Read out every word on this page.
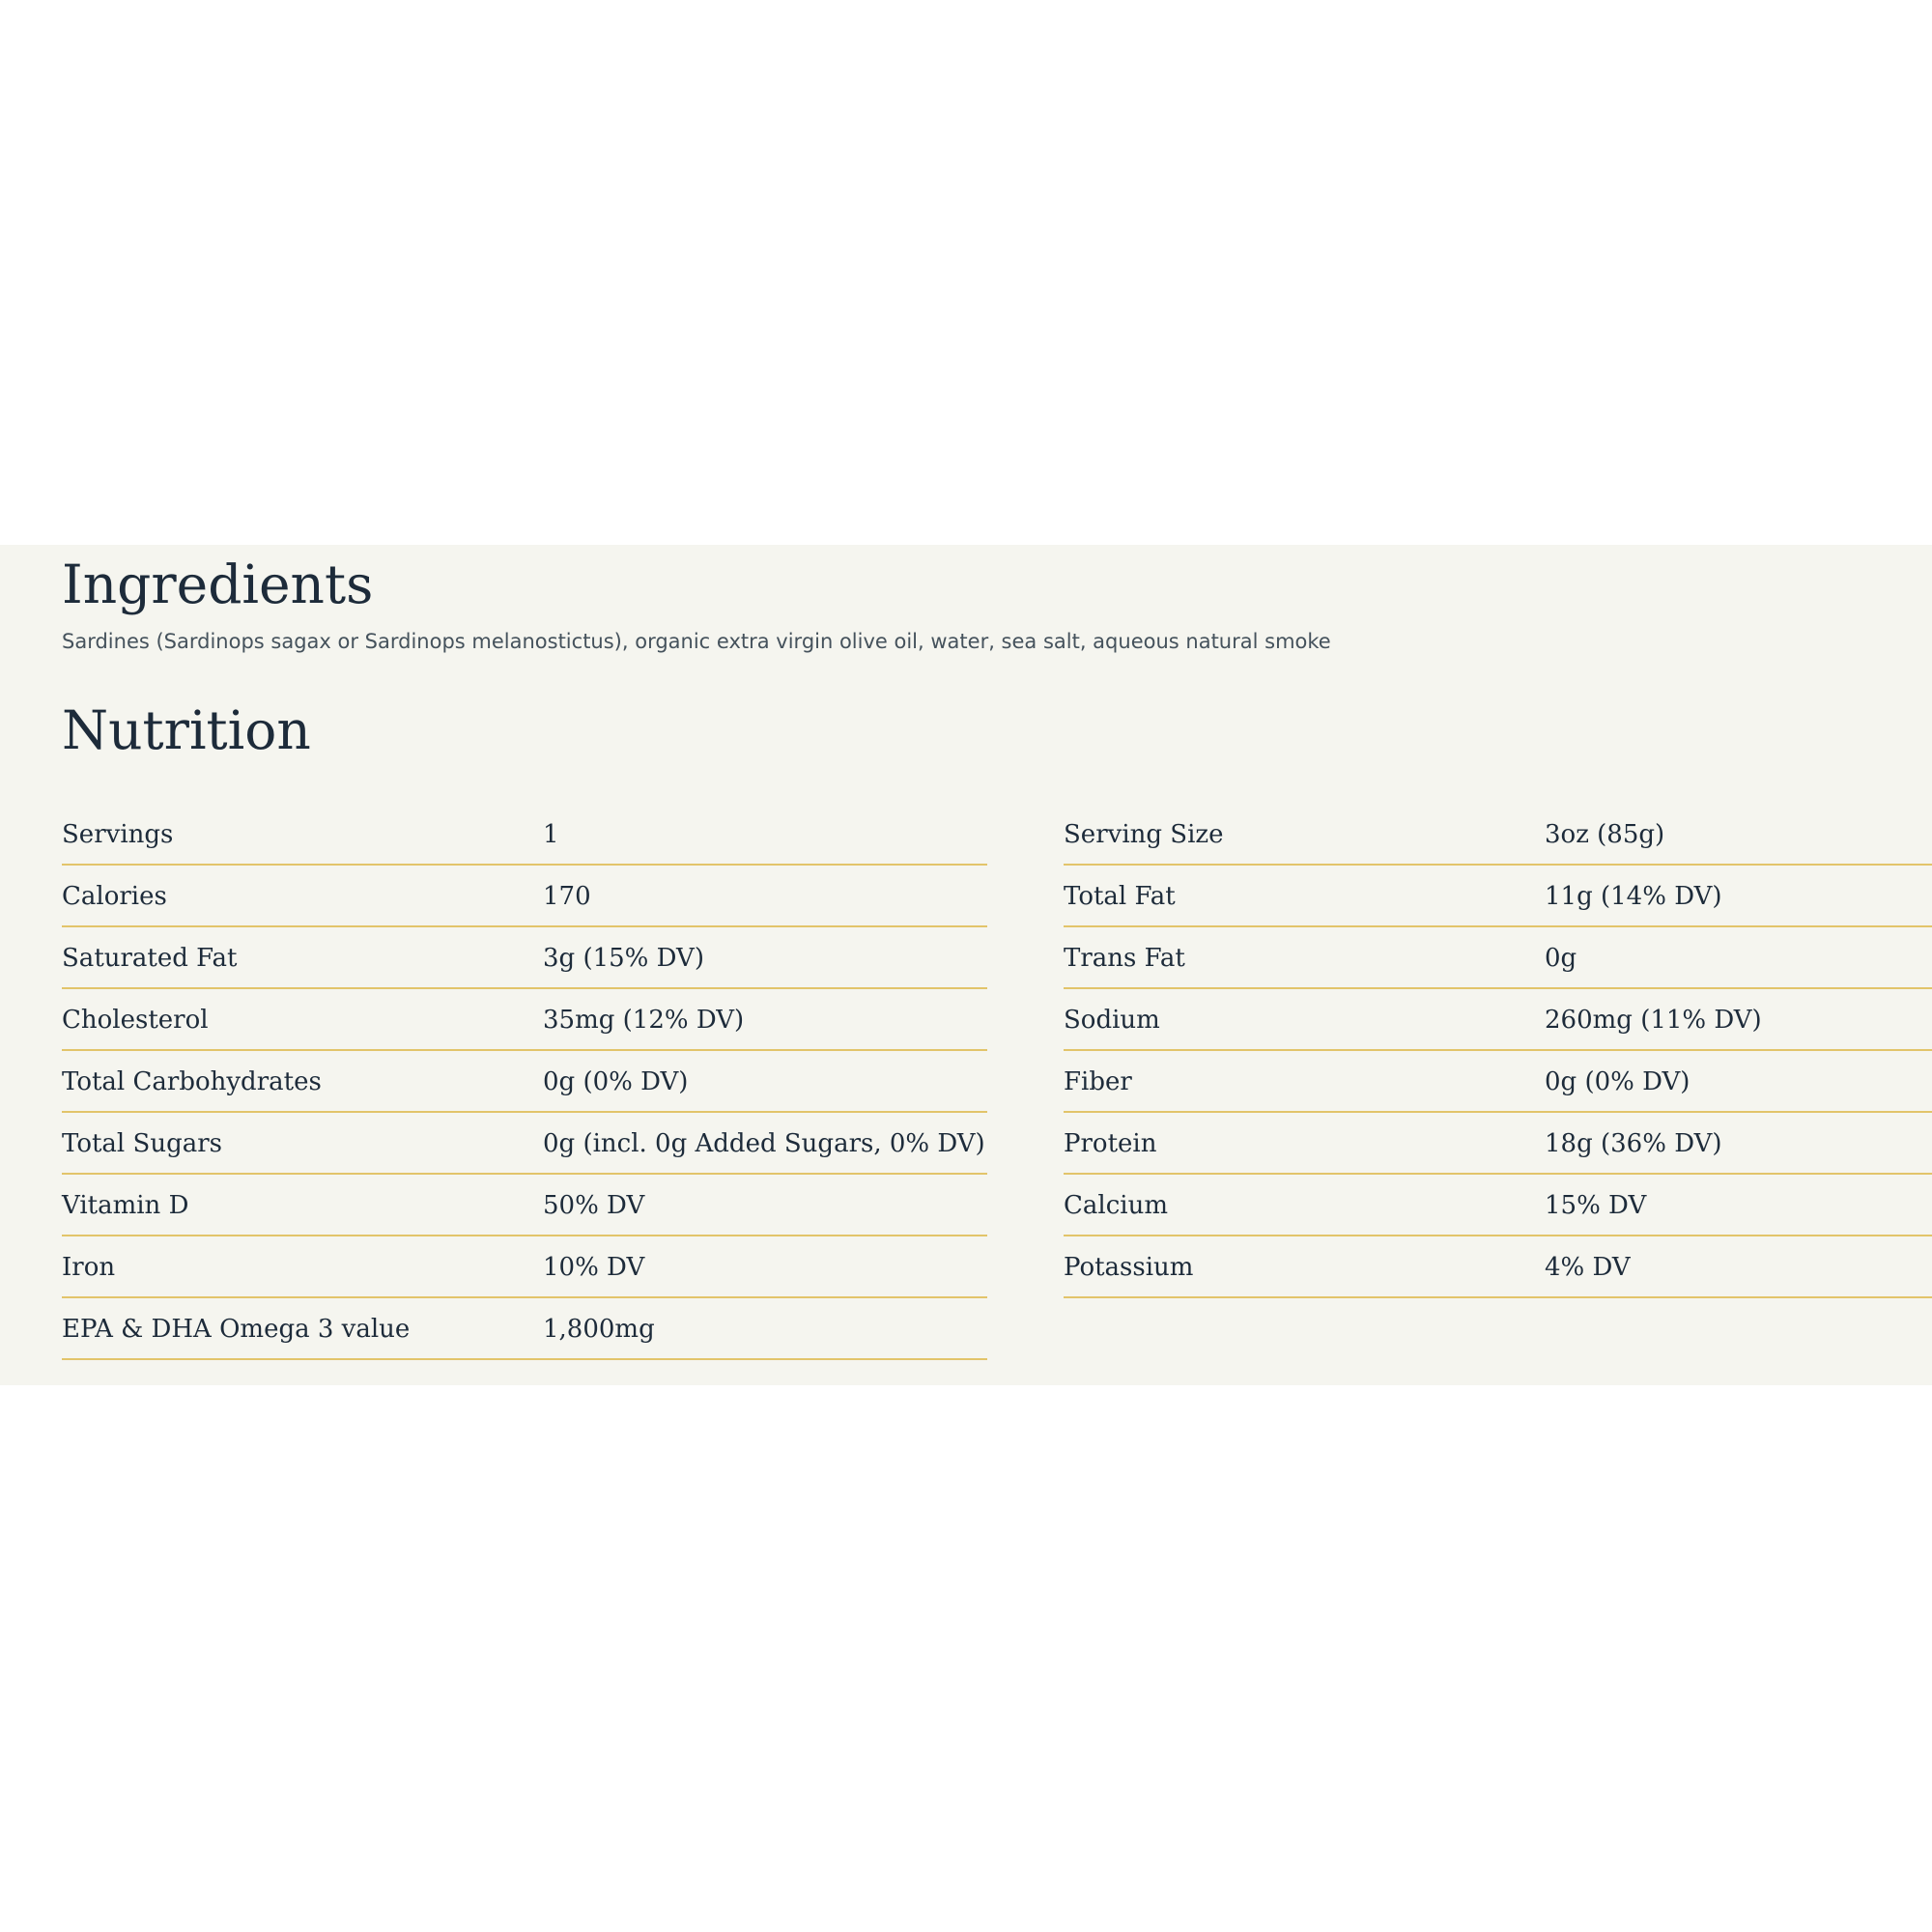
Ingredients

Sardines (Sardinops sagax or Sardinops melanostictus), organic extra virgin olive oil, water, sea salt, aqueous natural smoke

Nutrition
Servings	1
Calories	170
Saturated Fat	3g (15% DV)
Cholesterol	35mg (12% DV)
Total Carbohydrates	0g (0% DV)
Total Sugars	0g (incl. 0g Added Sugars, 0% DV)
Vitamin D	50% DV
Iron	10% DV
EPA & DHA Omega 3 value	1,800mg
Serving Size	3oz (85g)
Total Fat	11g (14% DV)
Trans Fat	0g
Sodium	260mg (11% DV)
Fiber	0g (0% DV)
Protein	18g (36% DV)
Calcium	15% DV
Potassium	4% DV
